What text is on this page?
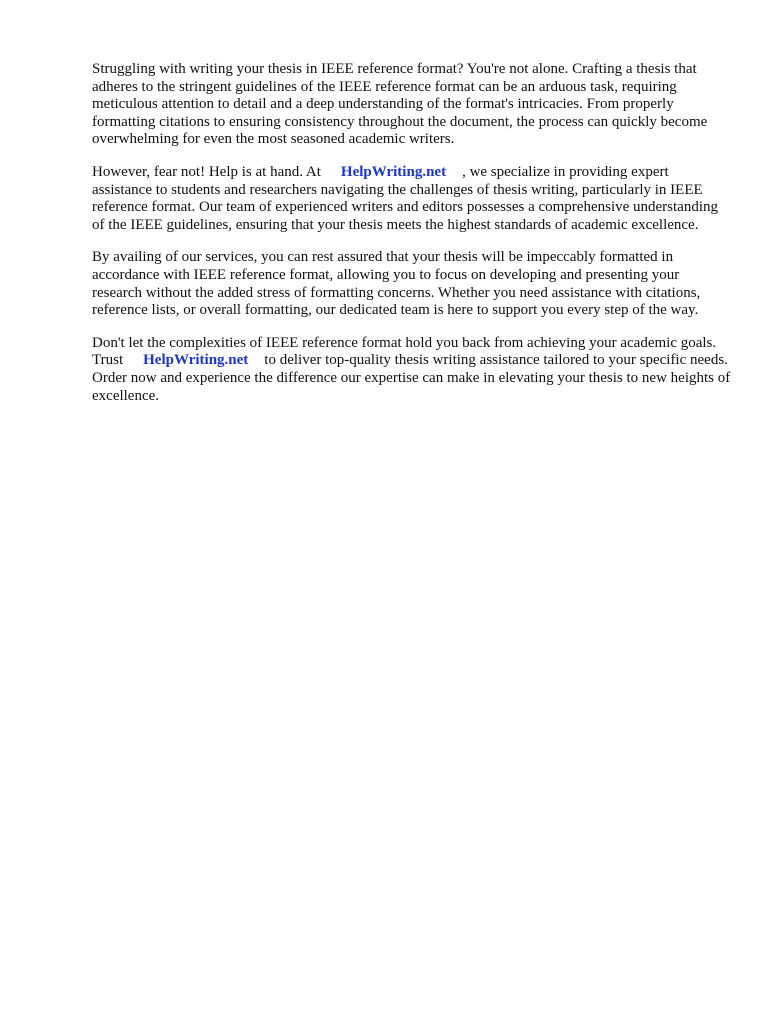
Struggling with writing your thesis in IEEE reference format? You're not alone. Crafting a thesis that adheres to the stringent guidelines of the IEEE reference format can be an arduous task, requiring meticulous attention to detail and a deep understanding of the format's intricacies. From properly formatting citations to ensuring consistency throughout the document, the process can quickly become overwhelming for even the most seasoned academic writers.

However, fear not! Help is at hand. At HelpWriting.net , we specialize in providing expert assistance to students and researchers navigating the challenges of thesis writing, particularly in IEEE reference format. Our team of experienced writers and editors possesses a comprehensive understanding of the IEEE guidelines, ensuring that your thesis meets the highest standards of academic excellence.

By availing of our services, you can rest assured that your thesis will be impeccably formatted in accordance with IEEE reference format, allowing you to focus on developing and presenting your research without the added stress of formatting concerns. Whether you need assistance with citations, reference lists, or overall formatting, our dedicated team is here to support you every step of the way.

Don't let the complexities of IEEE reference format hold you back from achieving your academic goals. Trust HelpWriting.net to deliver top-quality thesis writing assistance tailored to your specific needs. Order now and experience the difference our expertise can make in elevating your thesis to new heights of excellence.
